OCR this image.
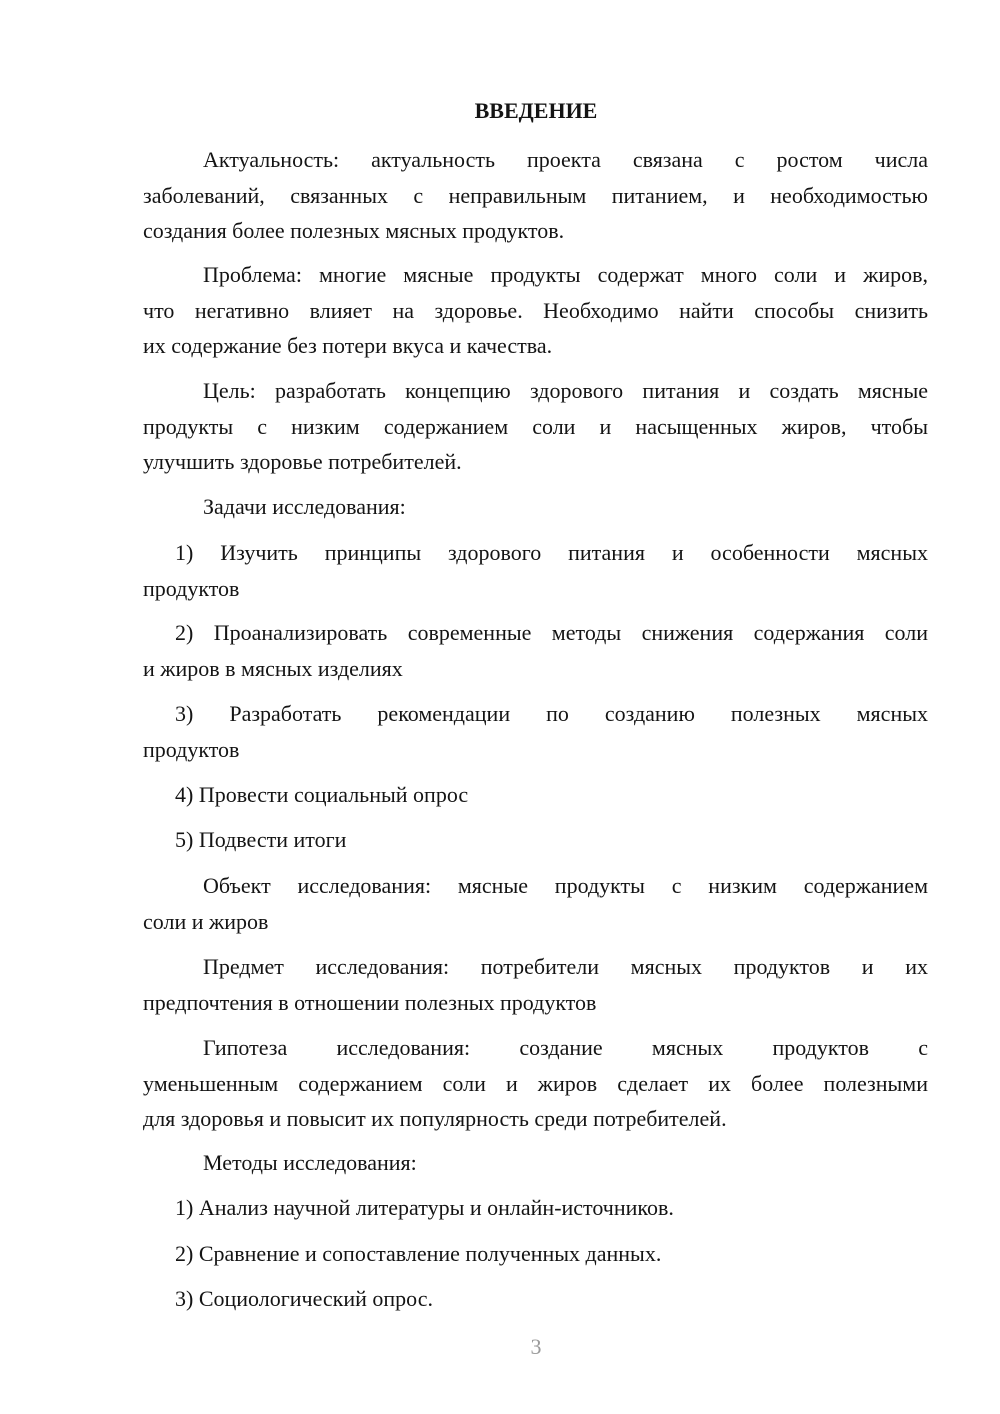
ВВЕДЕНИЕ
Актуальность: актуальность проекта связана с ростом числа
заболеваний, связанных с неправильным питанием, и необходимостью
создания более полезных мясных продуктов.
Проблема: многие мясные продукты содержат много соли и жиров,
что негативно влияет на здоровье. Необходимо найти способы снизить
их содержание без потери вкуса и качества.
Цель: разработать концепцию здорового питания и создать мясные
продукты с низким содержанием соли и насыщенных жиров, чтобы
улучшить здоровье потребителей.
Задачи исследования:
1) Изучить принципы здорового питания и особенности мясных
продуктов
2) Проанализировать современные методы снижения содержания соли
и жиров в мясных изделиях
3) Разработать рекомендации по созданию полезных мясных
продуктов
4) Провести социальный опрос
5) Подвести итоги
Объект исследования: мясные продукты с низким содержанием
соли и жиров
Предмет исследования: потребители мясных продуктов и их
предпочтения в отношении полезных продуктов
Гипотеза исследования: создание мясных продуктов с
уменьшенным содержанием соли и жиров сделает их более полезными
для здоровья и повысит их популярность среди потребителей.
Методы исследования:
1) Анализ научной литературы и онлайн-источников.
2) Сравнение и сопоставление полученных данных.
3) Социологический опрос.
3
